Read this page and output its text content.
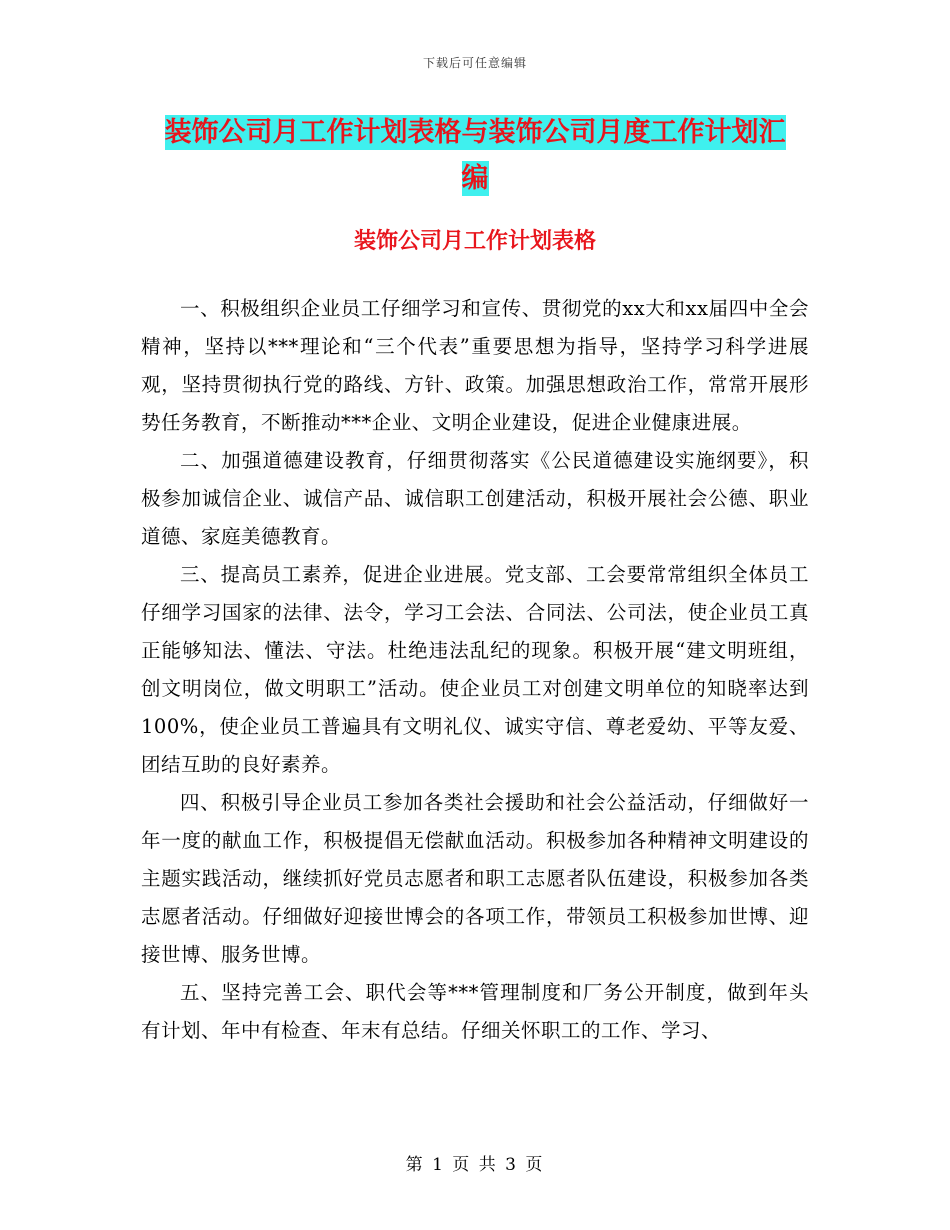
下载后可任意编辑
装饰公司月工作计划表格与装饰公司月度工作计划汇
编
装饰公司月工作计划表格

一、积极组织企业员工仔细学习和宣传、贯彻党的xx大和xx届四中全会精神，坚持以***理论和“三个代表”重要思想为指导，坚持学习科学进展观，坚持贯彻执行党的路线、方针、政策。加强思想政治工作，常常开展形势任务教育，不断推动***企业、文明企业建设，促进企业健康进展。

二、加强道德建设教育，仔细贯彻落实《公民道德建设实施纲要》，积极参加诚信企业、诚信产品、诚信职工创建活动，积极开展社会公德、职业道德、家庭美德教育。

三、提高员工素养，促进企业进展。党支部、工会要常常组织全体员工仔细学习国家的法律、法令，学习工会法、合同法、公司法，使企业员工真正能够知法、懂法、守法。杜绝违法乱纪的现象。积极开展“建文明班组，创文明岗位，做文明职工”活动。使企业员工对创建文明单位的知晓率达到100%，使企业员工普遍具有文明礼仪、诚实守信、尊老爱幼、平等友爱、团结互助的良好素养。

四、积极引导企业员工参加各类社会援助和社会公益活动，仔细做好一年一度的献血工作，积极提倡无偿献血活动。积极参加各种精神文明建设的主题实践活动，继续抓好党员志愿者和职工志愿者队伍建设，积极参加各类志愿者活动。仔细做好迎接世博会的各项工作，带领员工积极参加世博、迎接世博、服务世博。

五、坚持完善工会、职代会等***管理制度和厂务公开制度，做到年头有计划、年中有检查、年末有总结。仔细关怀职工的工作、学习、

第 1 页 共 3 页
